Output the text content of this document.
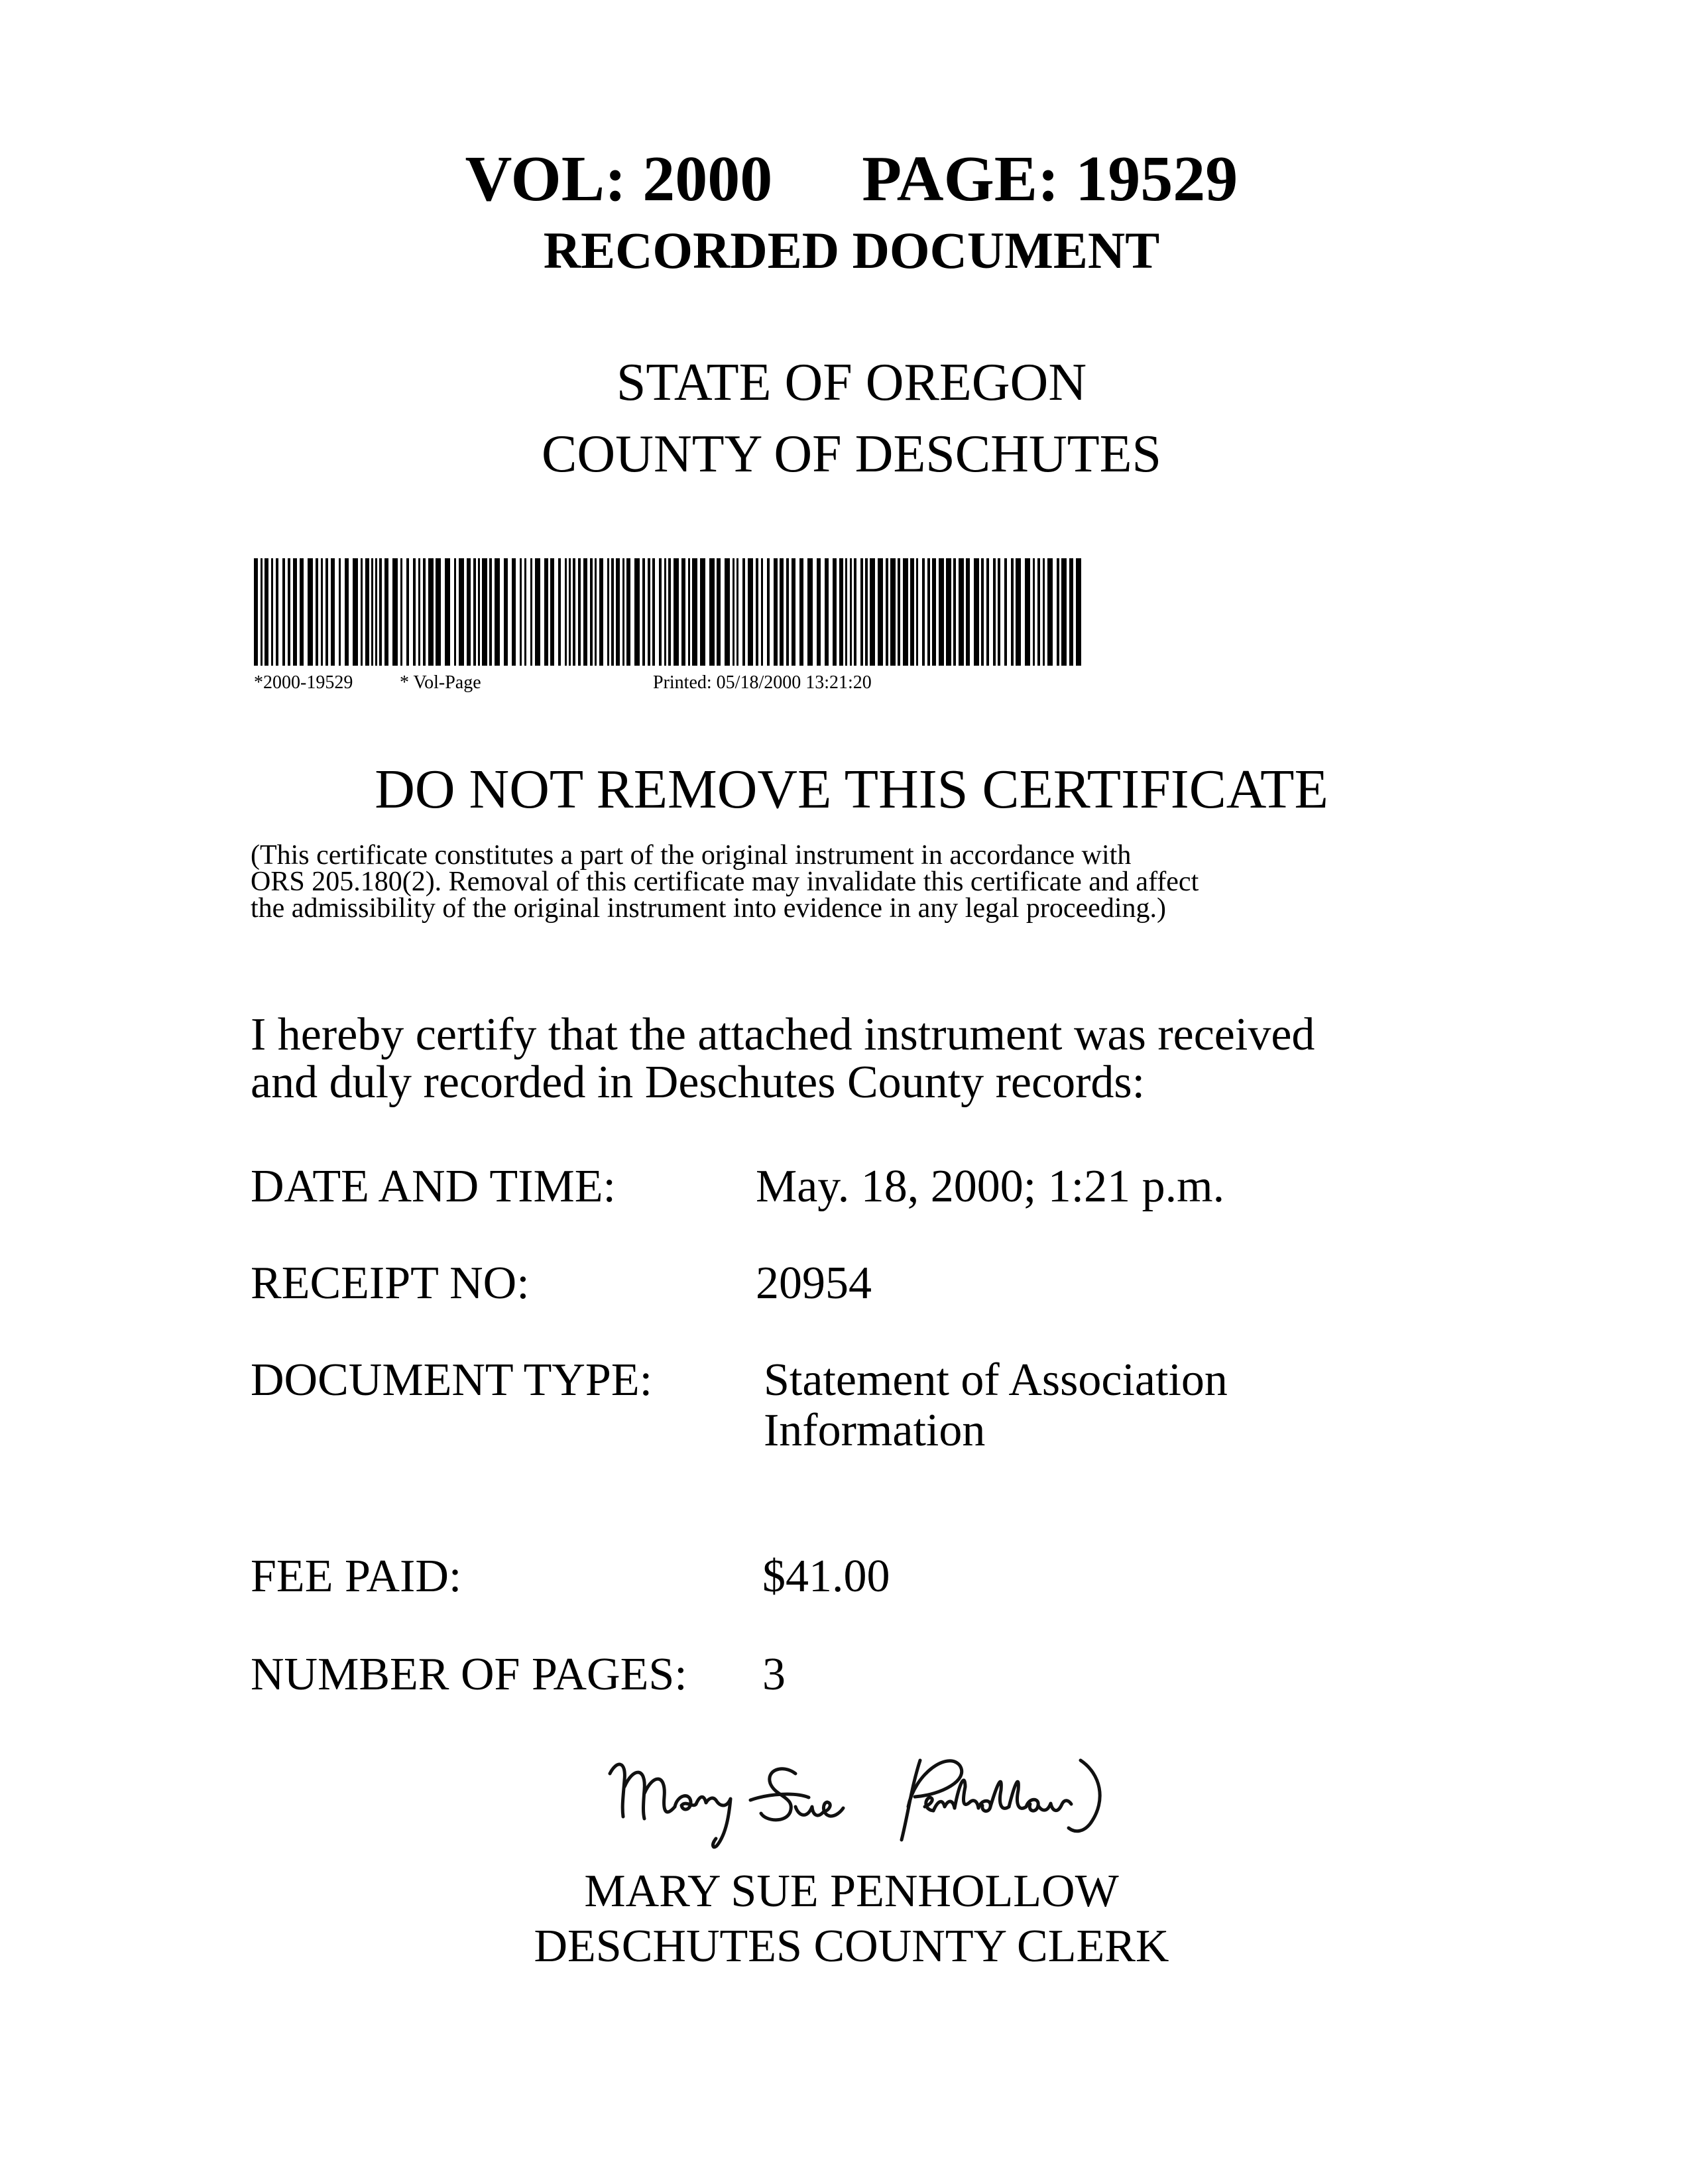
VOL: 2000 PAGE: 19529
RECORDED DOCUMENT
STATE OF OREGON
COUNTY OF DESCHUTES
*2000-19529	* Vol-Page	Printed: 05/18/2000 13:21:20
DO NOT REMOVE THIS CERTIFICATE
(This certificate constitutes a part of the original instrument in accordance with
ORS 205.180(2). Removal of this certificate may invalidate this certificate and affect
the admissibility of the original instrument into evidence in any legal proceeding.)
I hereby certify that the attached instrument was received
and duly recorded in Deschutes County records:
DATE AND TIME:	May. 18, 2000; 1:21 p.m.
RECEIPT NO:	20954
DOCUMENT TYPE: Statement of Association
Information
FEE PAID:	$41.00
NUMBER OF PAGES: 3
MARY SUE PENHOLLOW
DESCHUTES COUNTY CLERK
